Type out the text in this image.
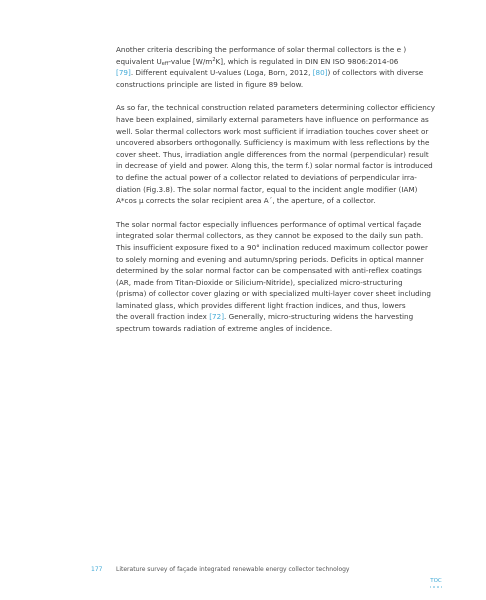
Another criteria describing the performance of solar thermal collectors is the e )
equivalent $U_{eff}$-value $[W/m^2K]$, which is regulated in DIN EN ISO 9806:2014-06
[79]. Different equivalent U-values (Loga, Born, 2012, [80]) of collectors with diverse
constructions principle are listed in figure 89 below.
As so far, the technical construction related parameters determining collector efficiency
have been explained, similarly external parameters have influence on performance as
well. Solar thermal collectors work most sufficient if irradiation touches cover sheet or
uncovered absorbers orthogonally. Sufficiency is maximum with less reflections by the
cover sheet. Thus, irradiation angle differences from the normal (perpendicular) result
in decrease of yield and power. Along this, the term f.) solar normal factor is introduced
to define the actual power of a collector related to deviations of perpendicular irra-
diation (Fig.3.8). The solar normal factor, equal to the incident angle modifier (IAM)
A*cos μ corrects the solar recipient area A´, the aperture, of a collector.
The solar normal factor especially influences performance of optimal vertical façade
integrated solar thermal collectors, as they cannot be exposed to the daily sun path.
This insufficient exposure fixed to a 90° inclination reduced maximum collector power
to solely morning and evening and autumn/spring periods. Deficits in optical manner
determined by the solar normal factor can be compensated with anti-reflex coatings
(AR, made from Titan-Dioxide or Silicium-Nitride), specialized micro-structuring
(prisma) of collector cover glazing or with specialized multi-layer cover sheet including
laminated glass, which provides different light fraction indices, and thus, lowers
the overall fraction index [72]. Generally, micro-structuring widens the harvesting
spectrum towards radiation of extreme angles of incidence.
177 Literature survey of façade integrated renewable energy collector technology
TOC
